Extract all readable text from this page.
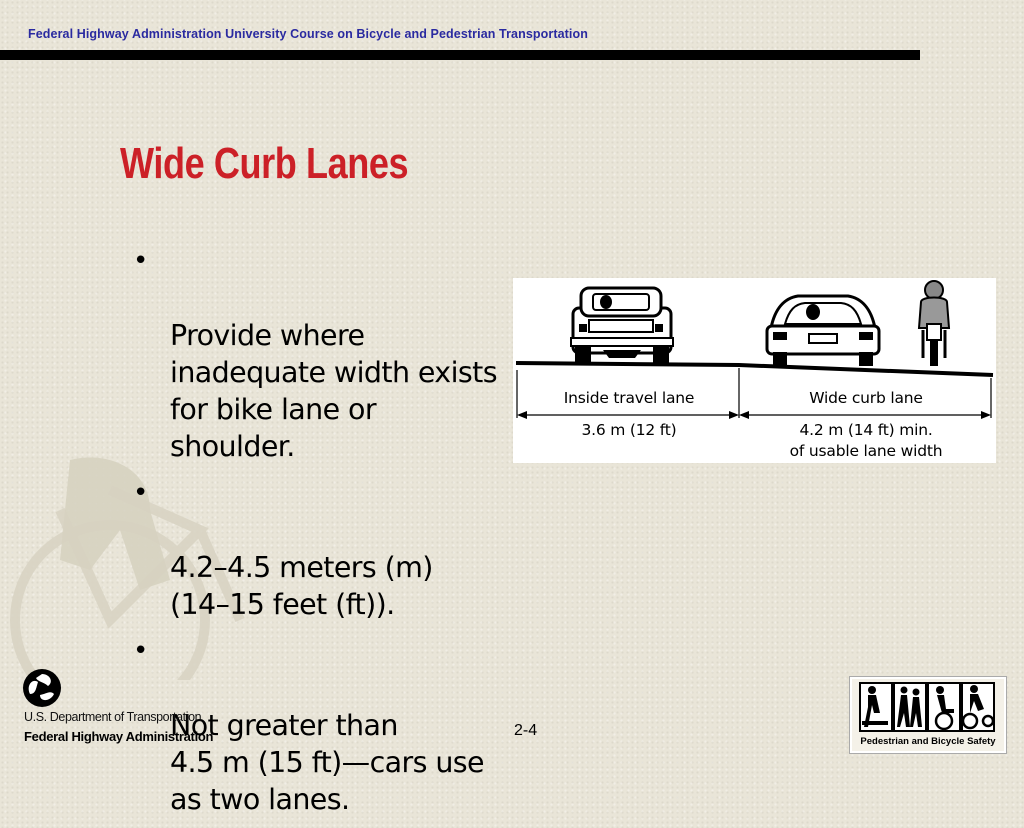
Federal Highway Administration University Course on Bicycle and Pedestrian Transportation
Wide Curb Lanes

•

Provide where
inadequate width exists
for bike lane or
shoulder.

•

4.2–4.5 meters (m)
(14–15 feet (ft)).

•

Not greater than
4.5 m (15 ft)—cars use
as two lanes.

Inside travel lane
3.6 m (12 ft)
Wide curb lane
4.2 m (14 ft) min.
of usable lane width
U.S. Department of Transportation
Federal Highway Administration	2-4
Pedestrian and Bicycle Safety
